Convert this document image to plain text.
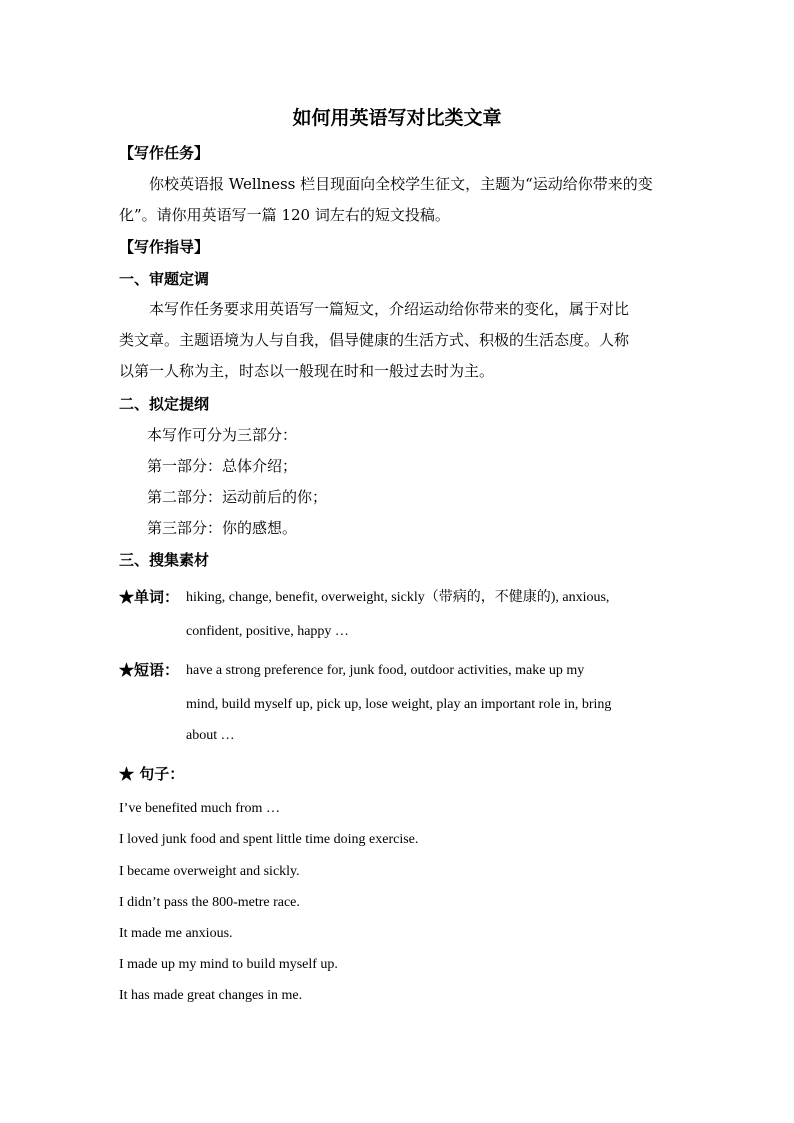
如何用英语写对比类文章
【写作任务】
你校英语报 Wellness 栏目现面向全校学生征文，主题为“运动给你带来的变
化”。请你用英语写一篇 120 词左右的短文投稿。
【写作指导】
一、审题定调
本写作任务要求用英语写一篇短文，介绍运动给你带来的变化，属于对比
类文章。主题语境为人与自我，倡导健康的生活方式、积极的生活态度。人称
以第一人称为主，时态以一般现在时和一般过去时为主。
二、拟定提纲
本写作可分为三部分：
第一部分：总体介绍；
第二部分：运动前后的你；
第三部分：你的感想。
三、搜集素材
★单词： hiking, change, benefit, overweight, sickly（带病的，不健康的), anxious,
confident, positive, happy …
★短语： have a strong preference for, junk food, outdoor activities, make up my
mind, build myself up, pick up, lose weight, play an important role in, bring
about …
★ 句子：
I’ve benefited much from …
I loved junk food and spent little time doing exercise.
I became overweight and sickly.
I didn’t pass the 800-metre race.
It made me anxious.
I made up my mind to build myself up.
It has made great changes in me.
